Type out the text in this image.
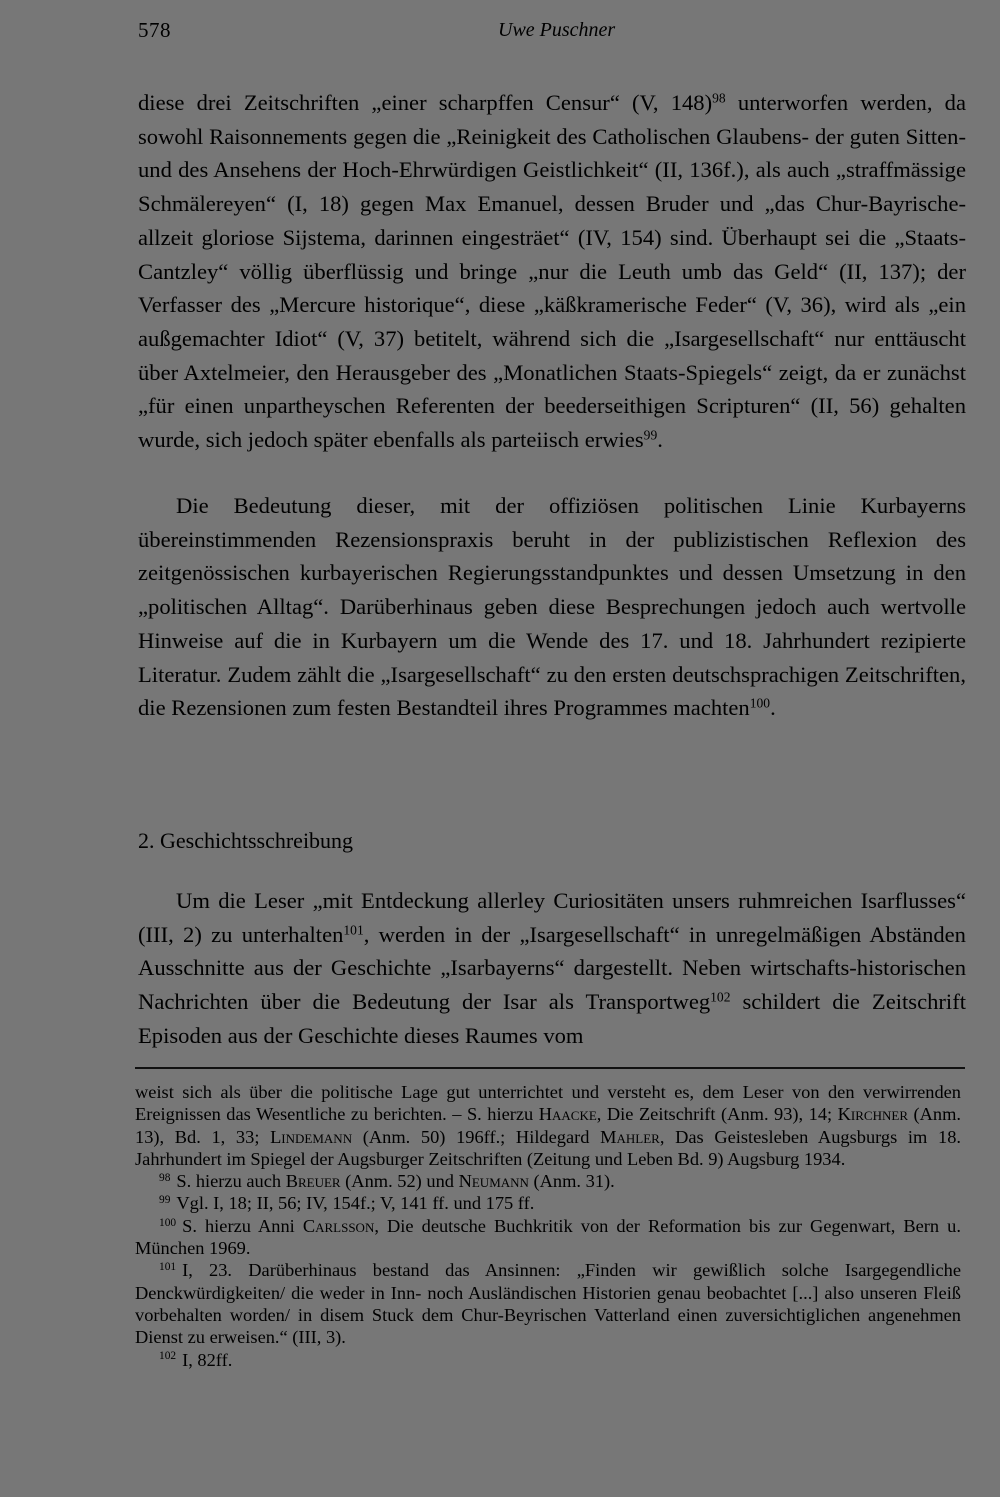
578	Uwe Puschner

diese drei Zeitschriften „einer scharpffen Censur“ (V, 148)$^{98}$ unterworfen werden, da sowohl Raisonnements gegen die „Reinigkeit des Catholischen Glaubens- der guten Sitten- und des Ansehens der Hoch-Ehrwürdigen Geistlichkeit“ (II, 136f.), als auch „straffmässige Schmälereyen“ (I, 18) gegen Max Emanuel, dessen Bruder und „das Chur-Bayrische- allzeit gloriose Sijstema, darinnen eingesträet“ (IV, 154) sind. Überhaupt sei die „Staats-Cantzley“ völlig überflüssig und bringe „nur die Leuth umb das Geld“ (II, 137); der Verfasser des „Mercure historique“, diese „käßkramerische Feder“ (V, 36), wird als „ein außgemachter Idiot“ (V, 37) betitelt, während sich die „Isargesellschaft“ nur enttäuscht über Axtelmeier, den Herausgeber des „Monatlichen Staats-Spiegels“ zeigt, da er zunächst „für einen unpartheyschen Referenten der beederseithigen Scripturen“ (II, 56) gehalten wurde, sich jedoch später ebenfalls als parteiisch erwies$^{99}$.

Die Bedeutung dieser, mit der offiziösen politischen Linie Kurbayerns übereinstimmenden Rezensionspraxis beruht in der publizistischen Reflexion des zeitgenössischen kurbayerischen Regierungsstandpunktes und dessen Umsetzung in den „politischen Alltag“. Darüberhinaus geben diese Besprechungen jedoch auch wertvolle Hinweise auf die in Kurbayern um die Wende des 17. und 18. Jahrhundert rezipierte Literatur. Zudem zählt die „Isargesellschaft“ zu den ersten deutschsprachigen Zeitschriften, die Rezensionen zum festen Bestandteil ihres Programmes machten$^{100}$.

2. Geschichtsschreibung

Um die Leser „mit Entdeckung allerley Curiositäten unsers ruhmreichen Isarflusses“ (III, 2) zu unterhalten$^{101}$, werden in der „Isargesellschaft“ in unregelmäßigen Abständen Ausschnitte aus der Geschichte „Isarbayerns“ dargestellt. Neben wirtschafts-historischen Nachrichten über die Bedeutung der Isar als Transportweg$^{102}$ schildert die Zeitschrift Episoden aus der Geschichte dieses Raumes vom

weist sich als über die politische Lage gut unterrichtet und versteht es, dem Leser von den verwirrenden Ereignissen das Wesentliche zu berichten. – S. hierzu Haacke, Die Zeitschrift (Anm. 93), 14; Kirchner (Anm. 13), Bd. 1, 33; Lindemann (Anm. 50) 196ff.; Hildegard Mahler, Das Geistesleben Augsburgs im 18. Jahrhundert im Spiegel der Augsburger Zeitschriften (Zeitung und Leben Bd. 9) Augsburg 1934.

$^{98}$ S. hierzu auch Breuer (Anm. 52) und Neumann (Anm. 31).

$^{99}$ Vgl. I, 18; II, 56; IV, 154f.; V, 141 ff. und 175 ff.

$^{100}$ S. hierzu Anni Carlsson, Die deutsche Buchkritik von der Reformation bis zur Gegenwart, Bern u. München 1969.

$^{101}$ I, 23. Darüberhinaus bestand das Ansinnen: „Finden wir gewißlich solche Isargegendliche Denckwürdigkeiten/ die weder in Inn- noch Ausländischen Historien genau beobachtet [...] also unseren Fleiß vorbehalten worden/ in disem Stuck dem Chur-Beyrischen Vatterland einen zuversichtiglichen angenehmen Dienst zu erweisen.“ (III, 3).

$^{102}$ I, 82ff.
